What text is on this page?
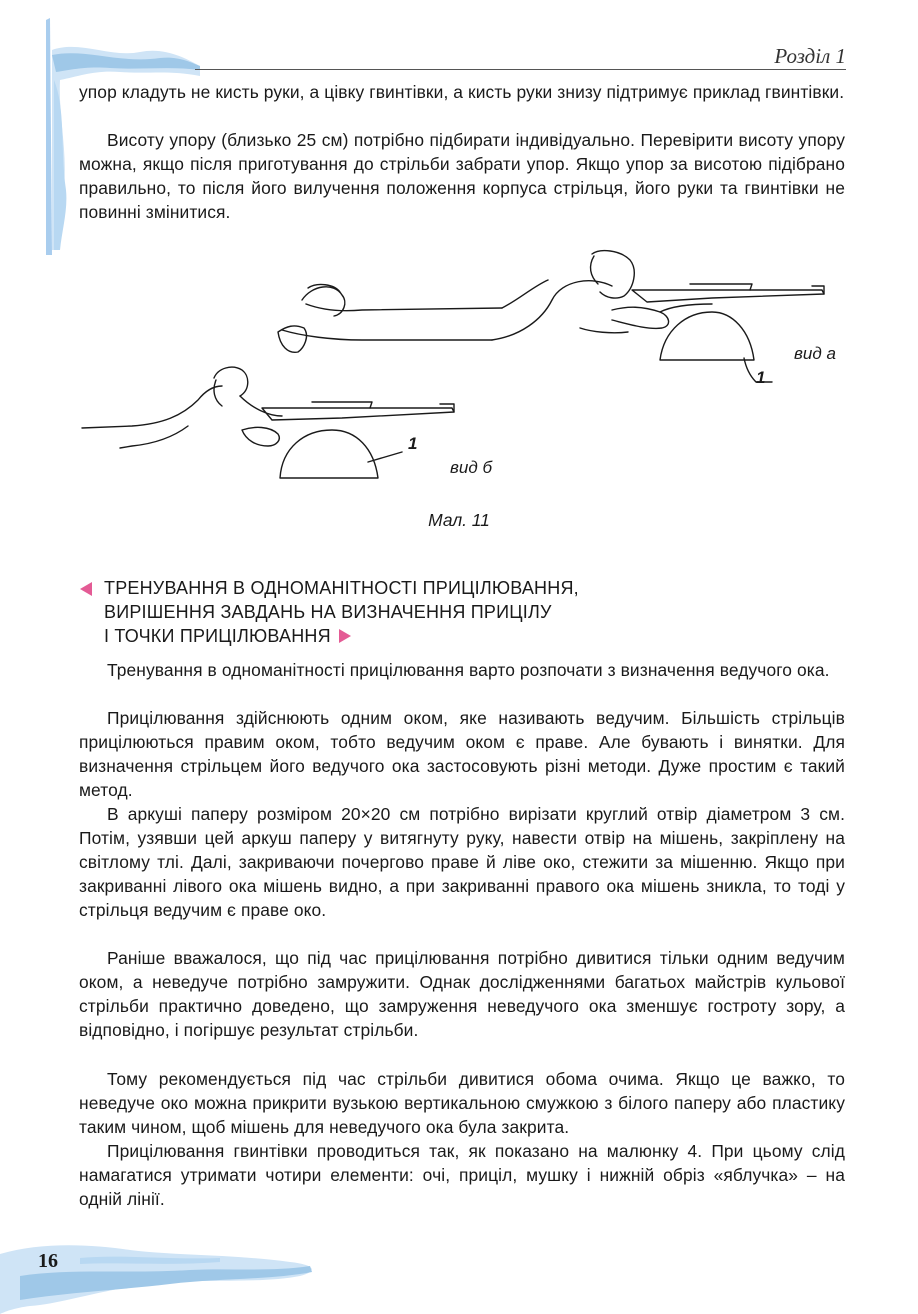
Розділ 1

упор кладуть не кисть руки, а цівку гвинтівки, а кисть руки знизу підтримує приклад гвинтівки.

Висоту упору (близько 25 см) потрібно підбирати індивідуально. Перевірити висоту упору можна, якщо після приготування до стрільби забрати упор. Якщо упор за висотою підібрано правильно, то після його вилучення положення корпуса стрільця, його руки та гвинтівки не повинні змінитися.

вид а
1
1
вид б
Мал. 11
ТРЕНУВАННЯ В ОДНОМАНІТНОСТІ ПРИЦІЛЮВАННЯ,
ВИРІШЕННЯ ЗАВДАНЬ НА ВИЗНАЧЕННЯ ПРИЦІЛУ
І ТОЧКИ ПРИЦІЛЮВАННЯ

Тренування в одноманітності прицілювання варто розпочати з визначення ведучого ока.

Прицілювання здійснюють одним оком, яке називають ведучим. Більшість стрільців прицілюються правим оком, тобто ведучим оком є праве. Але бувають і винятки. Для визначення стрільцем його ведучого ока застосовують різні методи. Дуже простим є такий метод.

В аркуші паперу розміром 20×20 см потрібно вирізати круглий отвір діаметром 3 см. Потім, узявши цей аркуш паперу у витягнуту руку, навести отвір на мішень, закріплену на світлому тлі. Далі, закриваючи почергово праве й ліве око, стежити за мішенню. Якщо при закриванні лівого ока мішень видно, а при закриванні правого ока мішень зникла, то тоді у стрільця ведучим є праве око.

Раніше вважалося, що під час прицілювання потрібно дивитися тільки одним ведучим оком, а неведуче потрібно замружити. Однак дослідженнями багатьох майстрів кульової стрільби практично доведено, що замруження неведучого ока зменшує гостроту зору, а відповідно, і погіршує результат стрільби.

Тому рекомендується під час стрільби дивитися обома очима. Якщо це важко, то неведуче око можна прикрити вузькою вертикальною смужкою з білого паперу або пластику таким чином, щоб мішень для неведучого ока була закрита.

Прицілювання гвинтівки проводиться так, як показано на малюнку 4. При цьому слід намагатися утримати чотири елементи: очі, приціл, мушку і нижній обріз «яблучка» – на одній лінії.

16
